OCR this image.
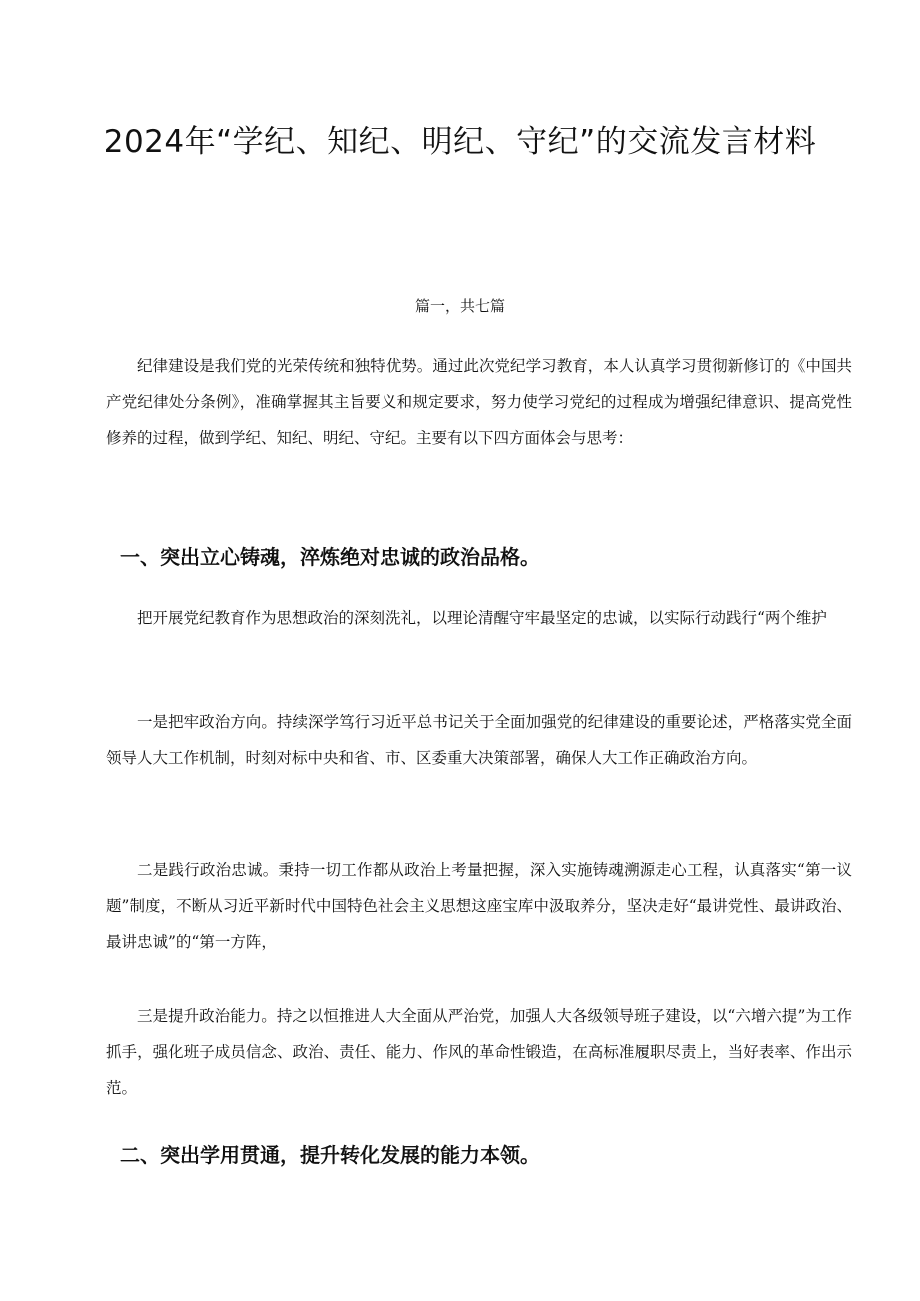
2024年“学纪、知纪、明纪、守纪”的交流发言材料
篇一，共七篇

纪律建设是我们党的光荣传统和独特优势。通过此次党纪学习教育，本人认真学习贯彻新修订的《中国共产党纪律处分条例》，准确掌握其主旨要义和规定要求，努力使学习党纪的过程成为增强纪律意识、提高党性修养的过程，做到学纪、知纪、明纪、守纪。主要有以下四方面体会与思考：

一、突出立心铸魂，淬炼绝对忠诚的政治品格。

把开展党纪教育作为思想政治的深刻洗礼，以理论清醒守牢最坚定的忠诚，以实际行动践行“两个维护

一是把牢政治方向。持续深学笃行习近平总书记关于全面加强党的纪律建设的重要论述，严格落实党全面领导人大工作机制，时刻对标中央和省、市、区委重大决策部署，确保人大工作正确政治方向。

二是践行政治忠诚。秉持一切工作都从政治上考量把握，深入实施铸魂溯源走心工程，认真落实“第一议题”制度，不断从习近平新时代中国特色社会主义思想这座宝库中汲取养分，坚决走好“最讲党性、最讲政治、最讲忠诚”的“第一方阵，

三是提升政治能力。持之以恒推进人大全面从严治党，加强人大各级领导班子建设，以“六增六提”为工作抓手，强化班子成员信念、政治、责任、能力、作风的革命性锻造，在高标准履职尽责上，当好表率、作出示范。

二、突出学用贯通，提升转化发展的能力本领。
